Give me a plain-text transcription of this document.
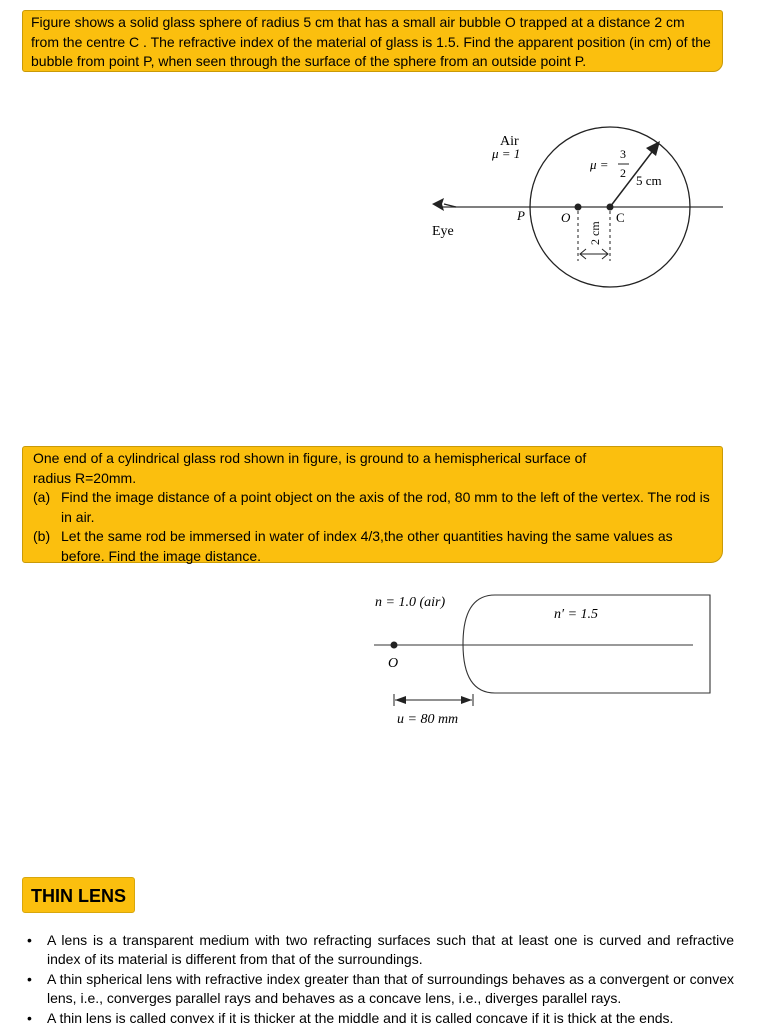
Figure shows a solid glass sphere of radius 5 cm that has a small air bubble O trapped at a distance 2 cm from the centre C . The refractive index of the material of glass is 1.5. Find the apparent position (in cm) of the bubble from point P, when seen through the surface of the sphere from an outside point P.
Eye
Air
μ = 1
P
μ =
3
2 5 cm
O	C
2 cm
One end of a cylindrical glass rod shown in figure, is ground to a hemispherical surface of
radius R=20mm.
(a) Find the image distance of a point object on the axis of the rod, 80 mm to the left of the vertex. The rod is in air.
(b) Let the same rod be immersed in water of index 4/3,the other quantities having the same values as before. Find the image distance.
n = 1.0 (air)
n′ = 1.5
O
u = 80 mm
THIN LENS
• A lens is a transparent medium with two refracting surfaces such that at least one is curved and refractive index of its material is different from that of the surroundings.
• A thin spherical lens with refractive index greater than that of surroundings behaves as a convergent or convex lens, i.e., converges parallel rays and behaves as a concave lens, i.e., diverges parallel rays.
• A thin lens is called convex if it is thicker at the middle and it is called concave if it is thick at the ends.
